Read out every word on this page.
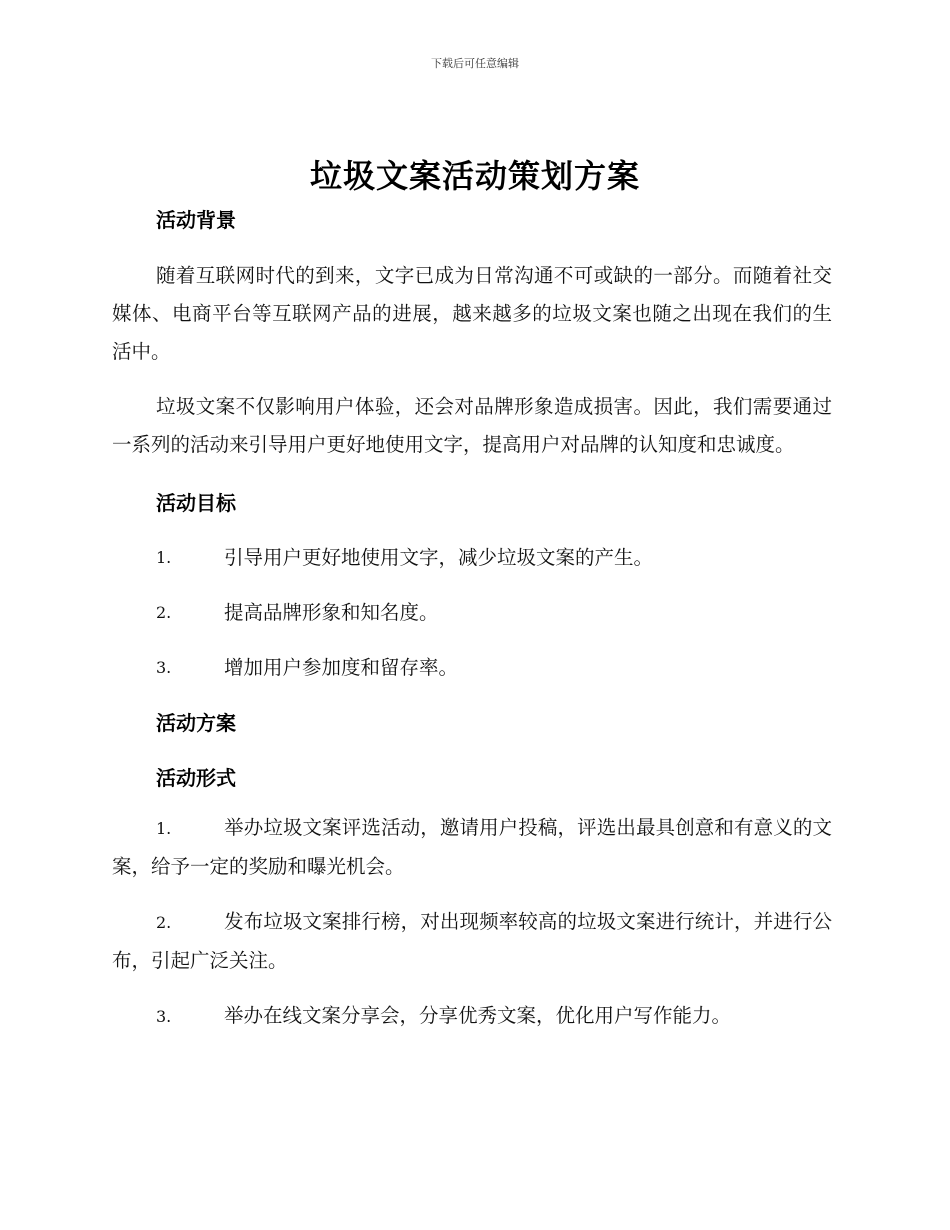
下载后可任意编辑
垃圾文案活动策划方案
活动背景

随着互联网时代的到来，文字已成为日常沟通不可或缺的一部分。而随着社交媒体、电商平台等互联网产品的进展，越来越多的垃圾文案也随之出现在我们的生活中。

垃圾文案不仅影响用户体验，还会对品牌形象造成损害。因此，我们需要通过一系列的活动来引导用户更好地使用文字，提高用户对品牌的认知度和忠诚度。

活动目标
1.	引导用户更好地使用文字，减少垃圾文案的产生。
2.	提高品牌形象和知名度。
3.	增加用户参加度和留存率。
活动方案
活动形式

1.	举办垃圾文案评选活动，邀请用户投稿，评选出最具创意和有意义的文案，给予一定的奖励和曝光机会。

2.	发布垃圾文案排行榜，对出现频率较高的垃圾文案进行统计，并进行公布，引起广泛关注。

3.	举办在线文案分享会，分享优秀文案，优化用户写作能力。
